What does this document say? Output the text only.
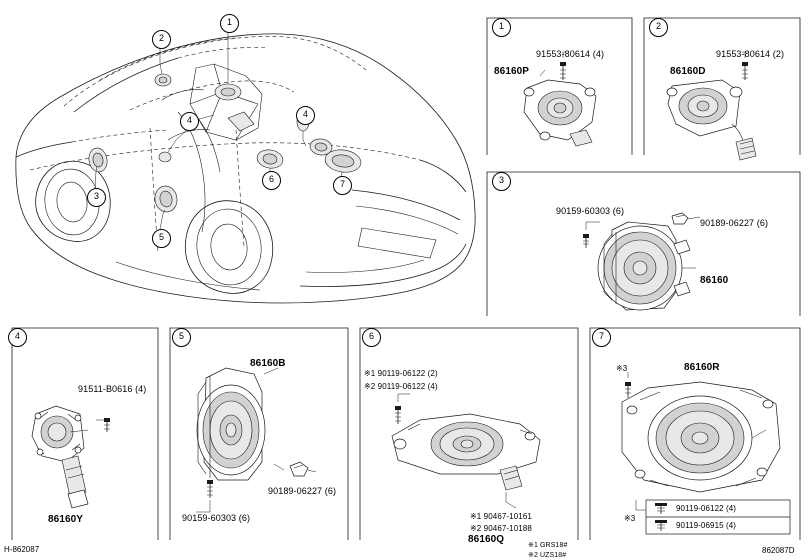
1	2
3
4	5	6	7
1
2
3
4
5
6	7
4
91553-80614 (4)
86160P
91553-80614 (2)
86160D
90159-60303 (6)
90189-06227 (6)
86160
91511-B0616 (4)
86160Y
86160B
90189-06227 (6)
90159-60303 (6)
※1 90119-06122 (2)
※2 90119-06122 (4)
※1 90467-10161
※2 90467-10188
86160Q
※3	86160R
※3
90119-06122 (4)
90119-06915 (4)
※1 GRS18#
※2 UZS18#
H-862087	862087D
